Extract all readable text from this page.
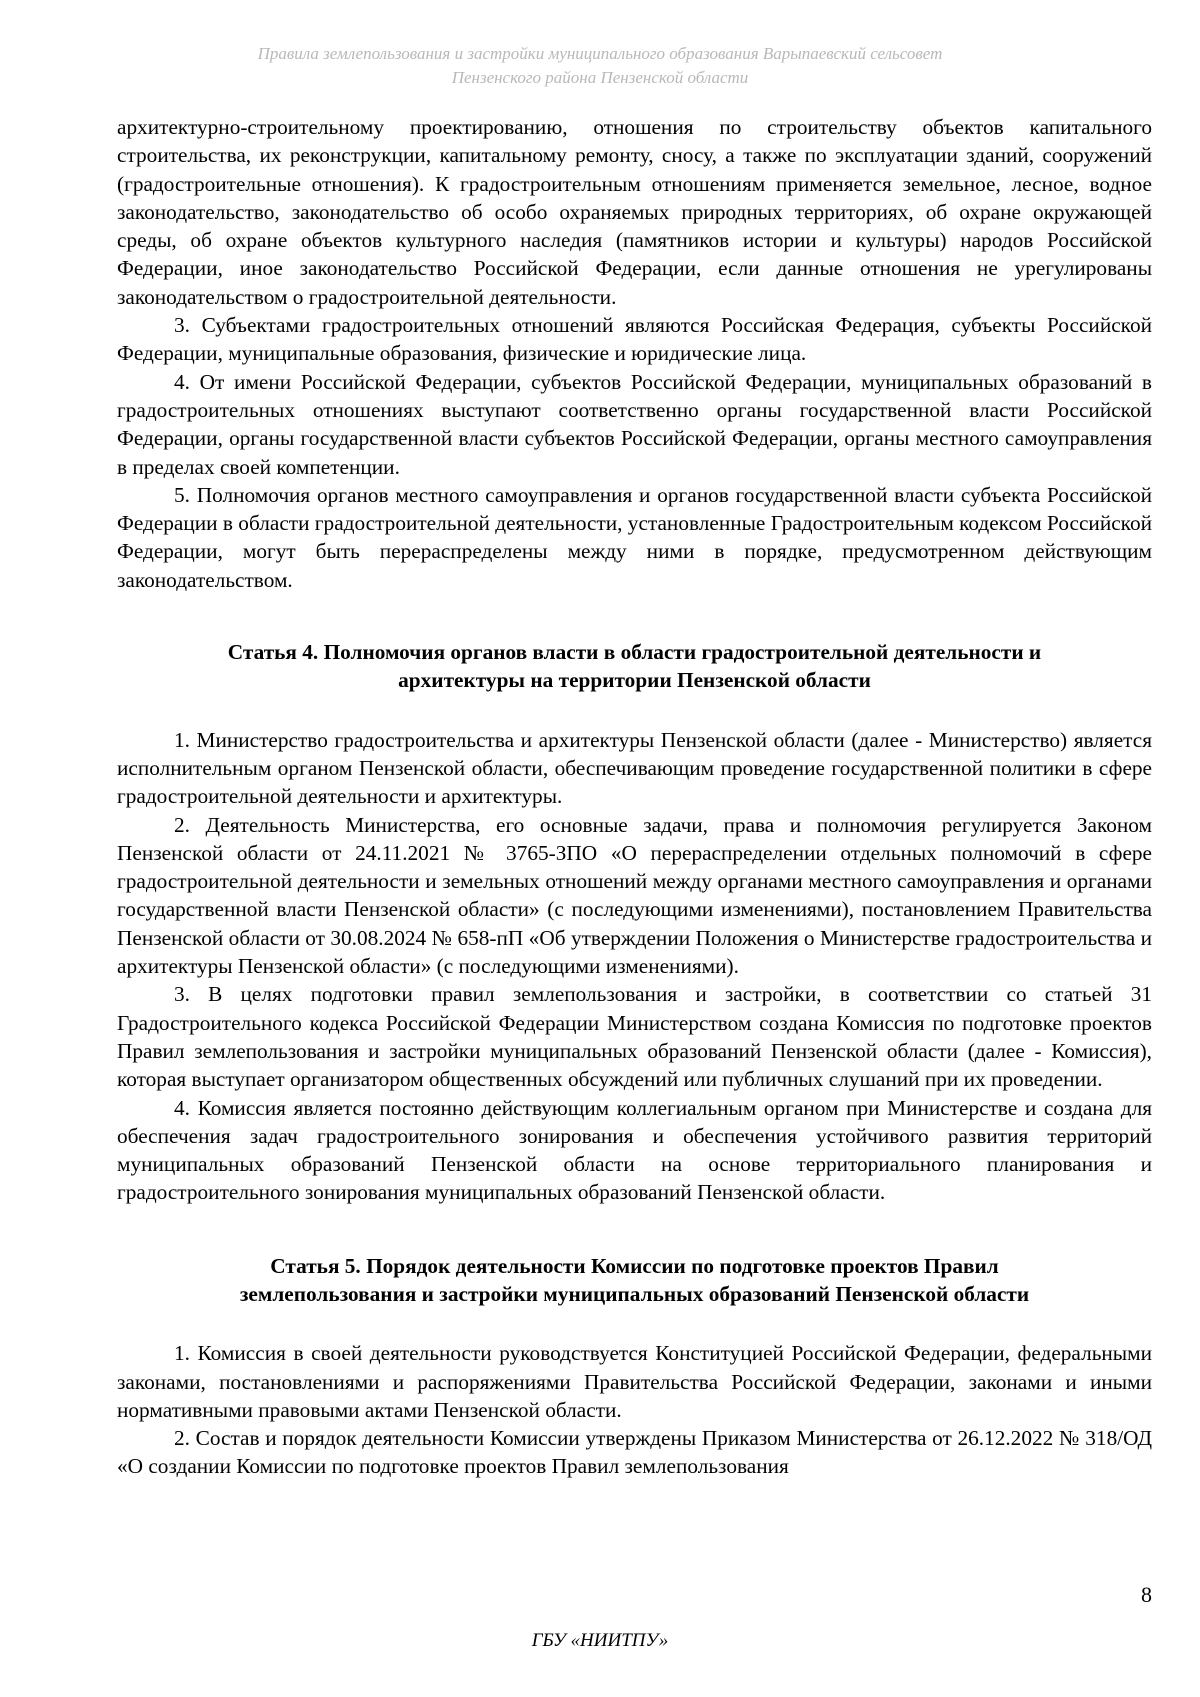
Правила землепользования и застройки муниципального образования Варыпаевский сельсовет
Пензенского района Пензенской области

архитектурно-строительному проектированию, отношения по строительству объектов капитального строительства, их реконструкции, капитальному ремонту, сносу, а также по эксплуатации зданий, сооружений (градостроительные отношения). К градостроительным отношениям применяется земельное, лесное, водное законодательство, законодательство об особо охраняемых природных территориях, об охране окружающей среды, об охране объектов культурного наследия (памятников истории и культуры) народов Российской Федерации, иное законодательство Российской Федерации, если данные отношения не урегулированы законодательством о градостроительной деятельности.

3. Субъектами градостроительных отношений являются Российская Федерация, субъекты Российской Федерации, муниципальные образования, физические и юридические лица.

4. От имени Российской Федерации, субъектов Российской Федерации, муниципальных образований в градостроительных отношениях выступают соответственно органы государственной власти Российской Федерации, органы государственной власти субъектов Российской Федерации, органы местного самоуправления в пределах своей компетенции.

5. Полномочия органов местного самоуправления и органов государственной власти субъекта Российской Федерации в области градостроительной деятельности, установленные Градостроительным кодексом Российской Федерации, могут быть перераспределены между ними в порядке, предусмотренном действующим законодательством.

Статья 4. Полномочия органов власти в области градостроительной деятельности и
архитектуры на территории Пензенской области

1. Министерство градостроительства и архитектуры Пензенской области (далее - Министерство) является исполнительным органом Пензенской области, обеспечивающим проведение государственной политики в сфере градостроительной деятельности и архитектуры.

2. Деятельность Министерства, его основные задачи, права и полномочия регулируется Законом Пензенской области от 24.11.2021 № 3765-ЗПО «О перераспределении отдельных полномочий в сфере градостроительной деятельности и земельных отношений между органами местного самоуправления и органами государственной власти Пензенской области» (с последующими изменениями), постановлением Правительства Пензенской области от 30.08.2024 № 658-пП «Об утверждении Положения о Министерстве градостроительства и архитектуры Пензенской области» (с последующими изменениями).

3. В целях подготовки правил землепользования и застройки, в соответствии со статьей 31 Градостроительного кодекса Российской Федерации Министерством создана Комиссия по подготовке проектов Правил землепользования и застройки муниципальных образований Пензенской области (далее - Комиссия), которая выступает организатором общественных обсуждений или публичных слушаний при их проведении.

4. Комиссия является постоянно действующим коллегиальным органом при Министерстве и создана для обеспечения задач градостроительного зонирования и обеспечения устойчивого развития территорий муниципальных образований Пензенской области на основе территориального планирования и градостроительного зонирования муниципальных образований Пензенской области.

Статья 5. Порядок деятельности Комиссии по подготовке проектов Правил
землепользования и застройки муниципальных образований Пензенской области

1. Комиссия в своей деятельности руководствуется Конституцией Российской Федерации, федеральными законами, постановлениями и распоряжениями Правительства Российской Федерации, законами и иными нормативными правовыми актами Пензенской области.

2. Состав и порядок деятельности Комиссии утверждены Приказом Министерства от 26.12.2022 № 318/ОД «О создании Комиссии по подготовке проектов Правил землепользования

8
ГБУ «НИИТПУ»
